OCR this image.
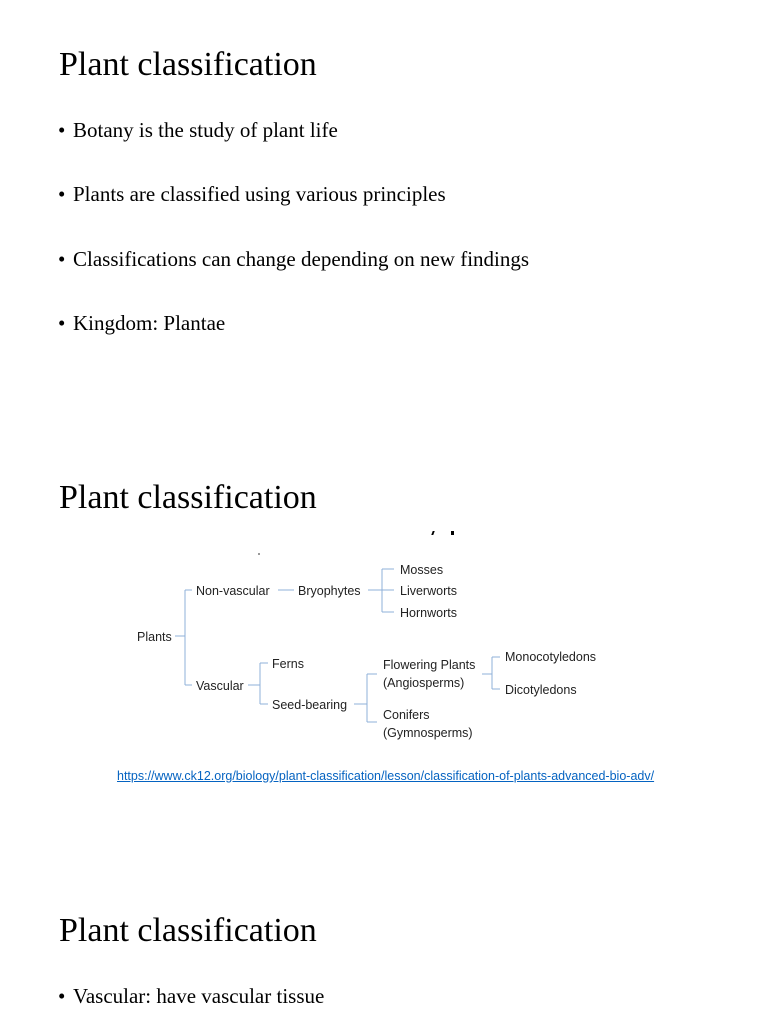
Plant classification

• Botany is the study of plant life

• Plants are classified using various principles

• Classifications can change depending on new findings

• Kingdom: Plantae

Plant classification
Plants
Non-vascular Bryophytes
Mosses
Liverworts
Hornworts
Vascular
Ferns
Seed-bearing
Flowering Plants
(Angiosperms)
Conifers
(Gymnosperms)
Monocotyledons
Dicotyledons
https://www.ck12.org/biology/plant-classification/lesson/classification-of-plants-advanced-bio-adv/
Plant classification

• Vascular: have vascular tissue
